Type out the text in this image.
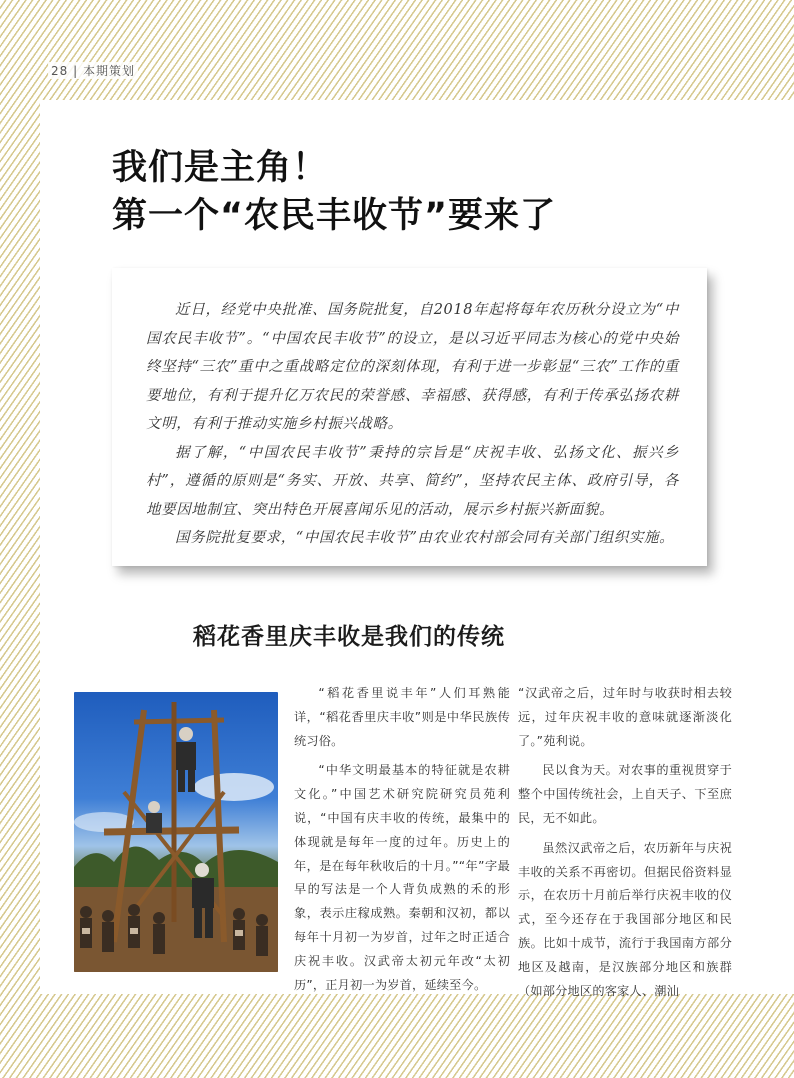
28 | 本期策划
我们是主角！
第一个“农民丰收节”要来了

近日，经党中央批准、国务院批复，自2018年起将每年农历秋分设立为“中国农民丰收节”。“中国农民丰收节”的设立，是以习近平同志为核心的党中央始终坚持“三农”重中之重战略定位的深刻体现，有利于进一步彰显“三农”工作的重要地位，有利于提升亿万农民的荣誉感、幸福感、获得感，有利于传承弘扬农耕文明，有利于推动实施乡村振兴战略。

据了解，“中国农民丰收节”秉持的宗旨是“庆祝丰收、弘扬文化、振兴乡村”，遵循的原则是“务实、开放、共享、简约”，坚持农民主体、政府引导，各地要因地制宜、突出特色开展喜闻乐见的活动，展示乡村振兴新面貌。

国务院批复要求，“中国农民丰收节”由农业农村部会同有关部门组织实施。

稻花香里庆丰收是我们的传统

“稻花香里说丰年”人们耳熟能详，“稻花香里庆丰收”则是中华民族传统习俗。

“中华文明最基本的特征就是农耕文化。”中国艺术研究院研究员苑利说，“中国有庆丰收的传统，最集中的体现就是每年一度的过年。历史上的年，是在每年秋收后的十月。”“年”字最早的写法是一个人背负成熟的禾的形象，表示庄稼成熟。秦朝和汉初，都以每年十月初一为岁首，过年之时正适合庆祝丰收。汉武帝太初元年改“太初历”，正月初一为岁首，延续至今。

“汉武帝之后，过年时与收获时相去较远，过年庆祝丰收的意味就逐渐淡化了。”苑利说。

民以食为天。对农事的重视贯穿于整个中国传统社会，上自天子、下至庶民，无不如此。

虽然汉武帝之后，农历新年与庆祝丰收的关系不再密切。但据民俗资料显示，在农历十月前后举行庆祝丰收的仪式，至今还存在于我国部分地区和民族。比如十成节，流行于我国南方部分地区及越南，是汉族部分地区和族群（如部分地区的客家人、潮汕
